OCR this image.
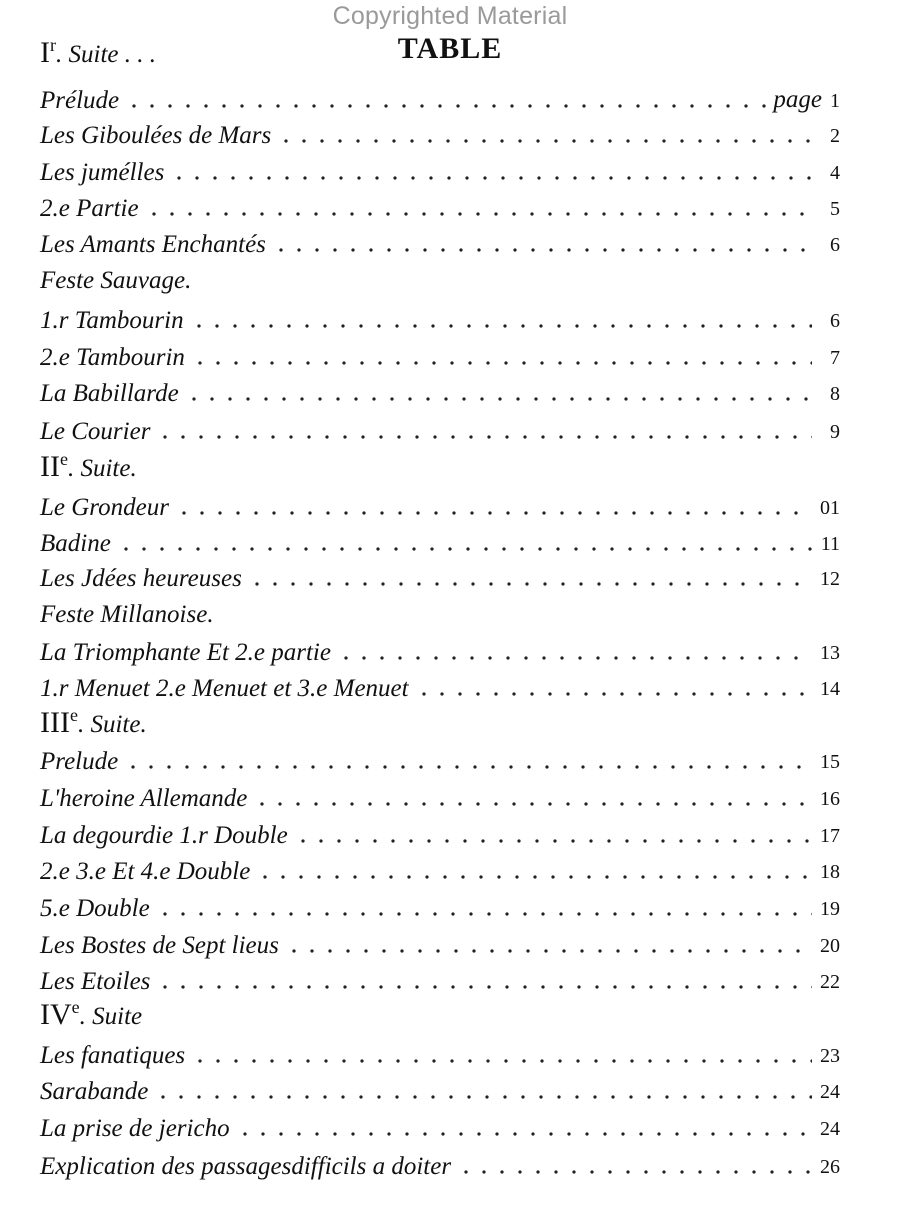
Copyrighted Material
TABLE
$I^r$. Suite . . .
Prélude	page 1
Les Giboulées de Mars	2
Les jumélles	4
2.e Partie	5
Les Amants Enchantés	6
Feste Sauvage.
1.r Tambourin	6
2.e Tambourin	7
La Babillarde	8
Le Courier	9
IIe. Suite.
Le Grondeur	01
Badine	11
Les Jdées heureuses	12
Feste Millanoise.
La Triomphante Et 2.e partie	13
1.r Menuet 2.e Menuet et 3.e Menuet	14
IIIe. Suite.
Prelude	15
L'heroine Allemande	16
La degourdie 1.r Double	17
2.e 3.e Et 4.e Double	18
5.e Double	19
Les Bostes de Sept lieus	20
Les Etoiles	22
IVe. Suite
Les fanatiques	23
Sarabande	24
La prise de jericho	24
Explication des passagesdifficils a doiter	26
